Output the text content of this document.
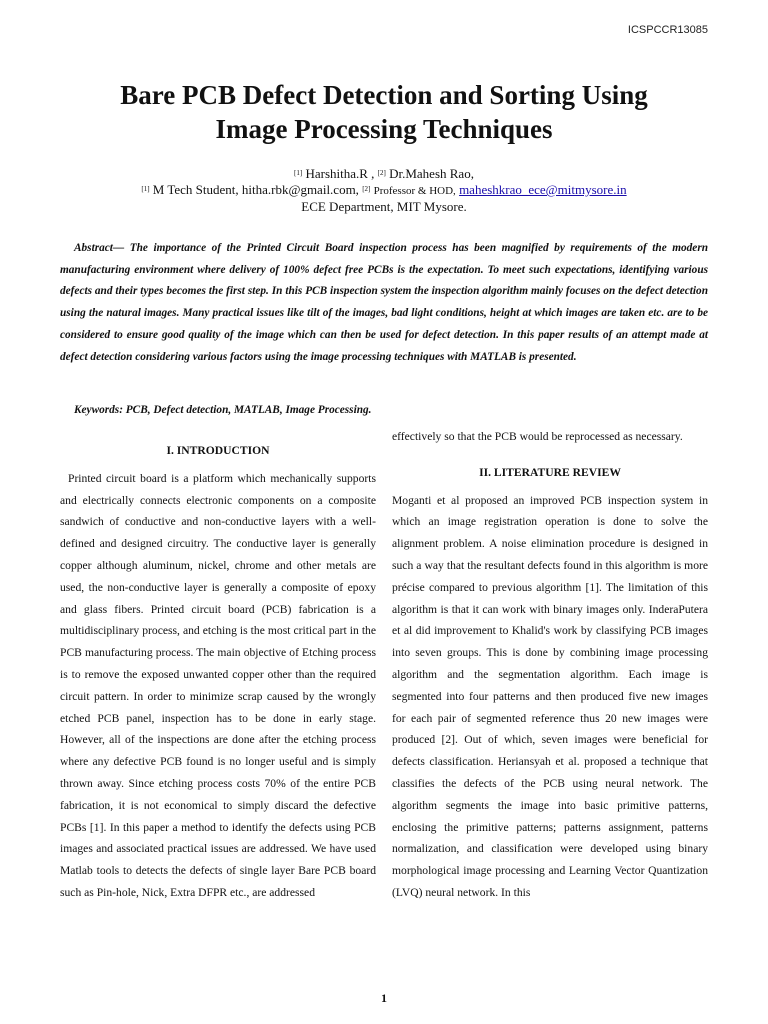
ICSPCCR13085
Bare PCB Defect Detection and Sorting Using
Image Processing Techniques
[1] Harshitha.R , [2] Dr.Mahesh Rao,
[1] M Tech Student, hitha.rbk@gmail.com, [2] Professor & HOD, maheshkrao_ece@mitmysore.in
ECE Department, MIT Mysore.
Abstract— The importance of the Printed Circuit Board inspection process has been magnified by requirements of the modern manufacturing environment where delivery of 100% defect free PCBs is the expectation. To meet such expectations, identifying various defects and their types becomes the first step. In this PCB inspection system the inspection algorithm mainly focuses on the defect detection using the natural images. Many practical issues like tilt of the images, bad light conditions, height at which images are taken etc. are to be considered to ensure good quality of the image which can then be used for defect detection. In this paper results of an attempt made at defect detection considering various factors using the image processing techniques with MATLAB is presented.
Keywords: PCB, Defect detection, MATLAB, Image Processing.
I. INTRODUCTION

Printed circuit board is a platform which mechanically supports and electrically connects electronic components on a composite sandwich of conductive and non-conductive layers with a well-defined and designed circuitry. The conductive layer is generally copper although aluminum, nickel, chrome and other metals are used, the non-conductive layer is generally a composite of epoxy and glass fibers. Printed circuit board (PCB) fabrication is a multidisciplinary process, and etching is the most critical part in the PCB manufacturing process. The main objective of Etching process is to remove the exposed unwanted copper other than the required circuit pattern. In order to minimize scrap caused by the wrongly etched PCB panel, inspection has to be done in early stage. However, all of the inspections are done after the etching process where any defective PCB found is no longer useful and is simply thrown away. Since etching process costs 70% of the entire PCB fabrication, it is not economical to simply discard the defective PCBs [1]. In this paper a method to identify the defects using PCB images and associated practical issues are addressed. We have used Matlab tools to detects the defects of single layer Bare PCB board such as Pin-hole, Nick, Extra DFPR etc., are addressed

effectively so that the PCB would be reprocessed as necessary.

II. LITERATURE REVIEW

Moganti et al proposed an improved PCB inspection system in which an image registration operation is done to solve the alignment problem. A noise elimination procedure is designed in such a way that the resultant defects found in this algorithm is more précise compared to previous algorithm [1]. The limitation of this algorithm is that it can work with binary images only. InderaPutera et al did improvement to Khalid's work by classifying PCB images into seven groups. This is done by combining image processing algorithm and the segmentation algorithm. Each image is segmented into four patterns and then produced five new images for each pair of segmented reference thus 20 new images were produced [2]. Out of which, seven images were beneficial for defects classification. Heriansyah et al. proposed a technique that classifies the defects of the PCB using neural network. The algorithm segments the image into basic primitive patterns, enclosing the primitive patterns; patterns assignment, patterns normalization, and classification were developed using binary morphological image processing and Learning Vector Quantization (LVQ) neural network. In this

1
